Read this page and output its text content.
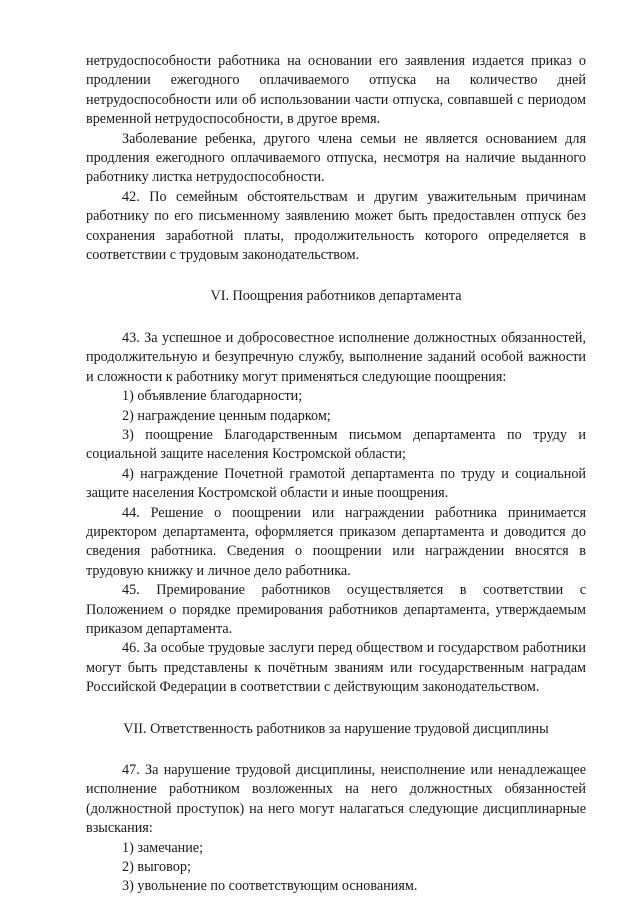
нетрудоспособности работника на основании его заявления издается приказ о продлении ежегодного оплачиваемого отпуска на количество дней нетрудоспособности или об использовании части отпуска, совпавшей с периодом временной нетрудоспособности, в другое время.

Заболевание ребенка, другого члена семьи не является основанием для продления ежегодного оплачиваемого отпуска, несмотря на наличие выданного работнику листка нетрудоспособности.

42. По семейным обстоятельствам и другим уважительным причинам работнику по его письменному заявлению может быть предоставлен отпуск без сохранения заработной платы, продолжительность которого определяется в соответствии с трудовым законодательством.

VI. Поощрения работников департамента

43. За успешное и добросовестное исполнение должностных обязанностей, продолжительную и безупречную службу, выполнение заданий особой важности и сложности к работнику могут применяться следующие поощрения:

1) объявление благодарности;

2) награждение ценным подарком;

3) поощрение Благодарственным письмом департамента по труду и социальной защите населения Костромской области;

4) награждение Почетной грамотой департамента по труду и социальной защите населения Костромской области и иные поощрения.

44. Решение о поощрении или награждении работника принимается директором департамента, оформляется приказом департамента и доводится до сведения работника. Сведения о поощрении или награждении вносятся в трудовую книжку и личное дело работника.

45. Премирование работников осуществляется в соответствии с Положением о порядке премирования работников департамента, утверждаемым приказом департамента.

46. За особые трудовые заслуги перед обществом и государством работники могут быть представлены к почётным званиям или государственным наградам Российской Федерации в соответствии с действующим законодательством.

VII. Ответственность работников за нарушение трудовой дисциплины

47. За нарушение трудовой дисциплины, неисполнение или ненадлежащее исполнение работником возложенных на него должностных обязанностей (должностной проступок) на него могут налагаться следующие дисциплинарные взыскания:

1) замечание;

2) выговор;

3) увольнение по соответствующим основаниям.
